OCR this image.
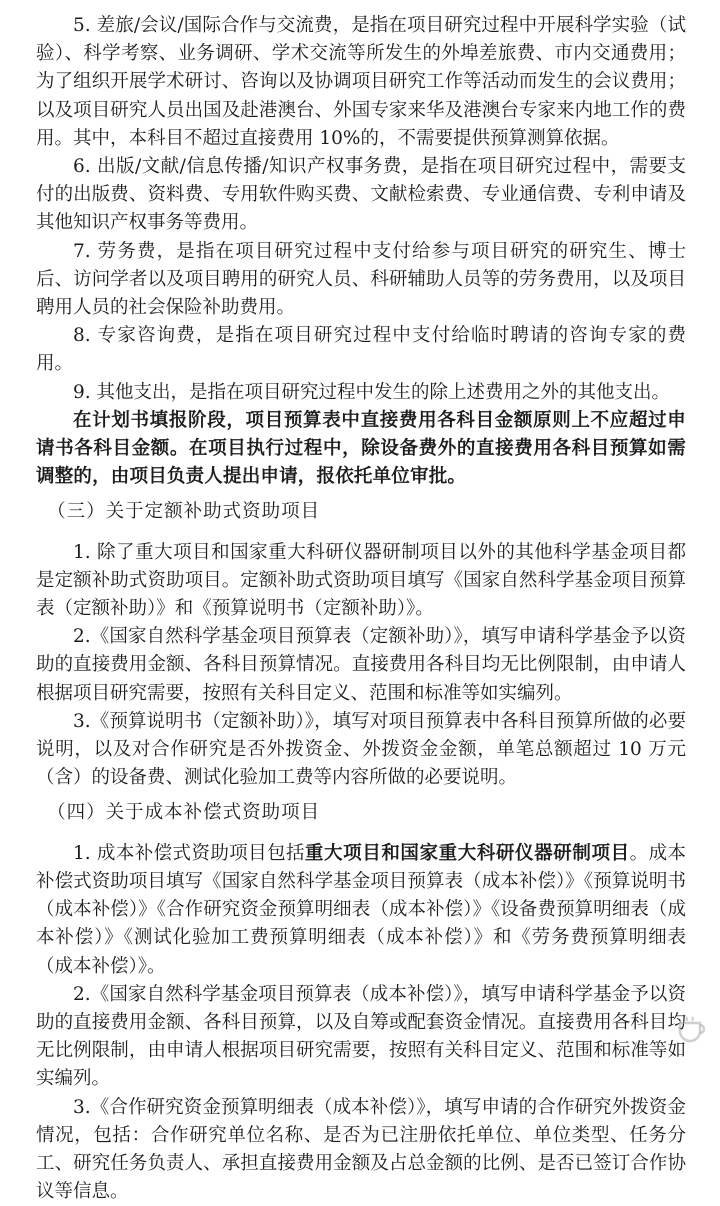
5. 差旅/会议/国际合作与交流费，是指在项目研究过程中开展科学实验（试验）、科学考察、业务调研、学术交流等所发生的外埠差旅费、市内交通费用；为了组织开展学术研讨、咨询以及协调项目研究工作等活动而发生的会议费用；以及项目研究人员出国及赴港澳台、外国专家来华及港澳台专家来内地工作的费用。其中，本科目不超过直接费用 10%的，不需要提供预算测算依据。

6. 出版/文献/信息传播/知识产权事务费，是指在项目研究过程中，需要支付的出版费、资料费、专用软件购买费、文献检索费、专业通信费、专利申请及其他知识产权事务等费用。

7. 劳务费，是指在项目研究过程中支付给参与项目研究的研究生、博士后、访问学者以及项目聘用的研究人员、科研辅助人员等的劳务费用，以及项目聘用人员的社会保险补助费用。

8. 专家咨询费，是指在项目研究过程中支付给临时聘请的咨询专家的费用。

9. 其他支出，是指在项目研究过程中发生的除上述费用之外的其他支出。

在计划书填报阶段，项目预算表中直接费用各科目金额原则上不应超过申请书各科目金额。在项目执行过程中，除设备费外的直接费用各科目预算如需调整的，由项目负责人提出申请，报依托单位审批。

（三）关于定额补助式资助项目

1. 除了重大项目和国家重大科研仪器研制项目以外的其他科学基金项目都是定额补助式资助项目。定额补助式资助项目填写《国家自然科学基金项目预算表（定额补助）》和《预算说明书（定额补助）》。

2.《国家自然科学基金项目预算表（定额补助）》，填写申请科学基金予以资助的直接费用金额、各科目预算情况。直接费用各科目均无比例限制，由申请人根据项目研究需要，按照有关科目定义、范围和标准等如实编列。

3.《预算说明书（定额补助）》，填写对项目预算表中各科目预算所做的必要说明，以及对合作研究是否外拨资金、外拨资金金额，单笔总额超过 10 万元（含）的设备费、测试化验加工费等内容所做的必要说明。

（四）关于成本补偿式资助项目

1. 成本补偿式资助项目包括重大项目和国家重大科研仪器研制项目。成本补偿式资助项目填写《国家自然科学基金项目预算表（成本补偿）》《预算说明书（成本补偿）》《合作研究资金预算明细表（成本补偿）》《设备费预算明细表（成本补偿）》《测试化验加工费预算明细表（成本补偿）》和《劳务费预算明细表（成本补偿）》。

2.《国家自然科学基金项目预算表（成本补偿）》，填写申请科学基金予以资助的直接费用金额、各科目预算，以及自筹或配套资金情况。直接费用各科目均无比例限制，由申请人根据项目研究需要，按照有关科目定义、范围和标准等如实编列。

3.《合作研究资金预算明细表（成本补偿）》，填写申请的合作研究外拨资金情况，包括：合作研究单位名称、是否为已注册依托单位、单位类型、任务分工、研究任务负责人、承担直接费用金额及占总金额的比例、是否已签订合作协议等信息。
